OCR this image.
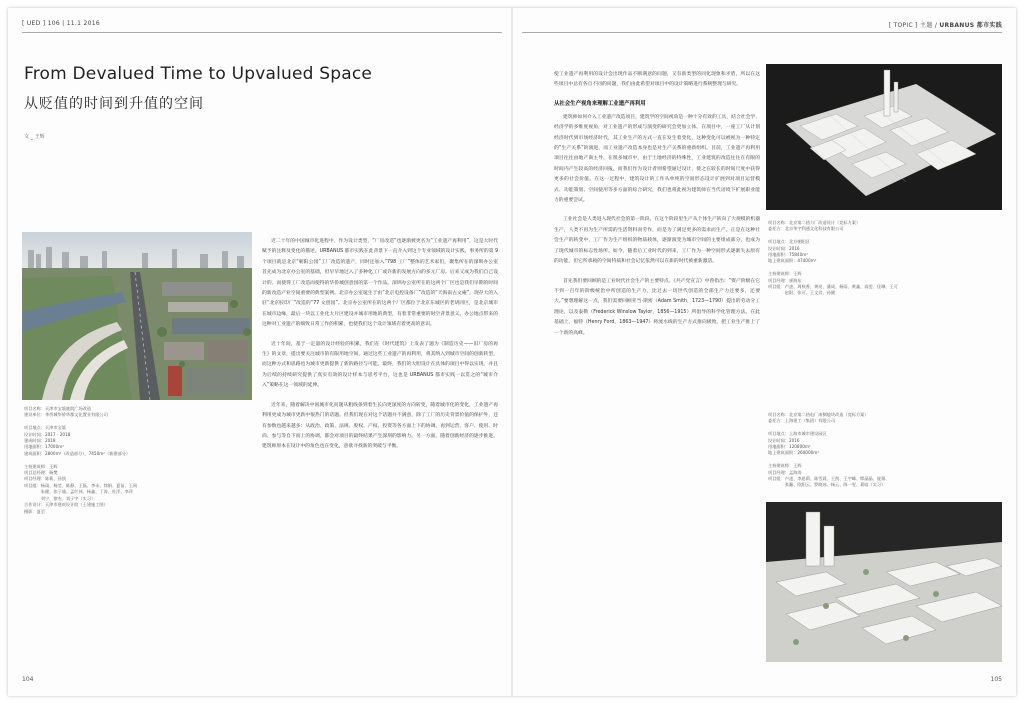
[ UED ] 106 | 11.1 2016	[ TOPIC ] 主题 / URBANUS 都市实践
From Devalued Time to Upvalued Space
从贬值的时间到升值的空间
文 _ 王辉
项目名称：天津市宝坻庭院广场改造
建设单位：华侨城华侨华都文化置业有限公司

项目地点：天津市宝坻
设计时间：2017 - 2018
建成时间：2018
用地面积：17000m²
建筑面积：2800m²（改造部分），7450m²（新建部分）

主持建筑师：王辉
项目总经理：杨樊
项目经理：陈莉，孙凯
项目组：杨雨、杨莹、陈静、王磊、李永、徐娟、夏苗、王同
　　　　朱健、张子瑜、孟红伟、杨鑫、丁涛、杜洋、李萍
　　　　刘宁、徐杰、刘子宇（实习）
合作设计：天津市建筑设计院（土建施工图）
摄影：夏至

近二十年的中国城市化进程中，作为设计类型，“厂房改造”也逐渐被更名为“工业遗产再利用”，这是大时代赋予的注释及变化的描述。URBANUS 都市实践在此背景下一直介入到这个专业领域的设计实践，事务所的第 9 个项目就是北京“朝阳公园”工厂改造的遗产，同时还加入“798 工厂”整体的艺术家们，聚集所在的深圳办公室首先成为北京办公室的基础，但早早地过入了多种化工厂或许新的发展方向的多元厂房。后来又成为我们自己设计的、而使得工厂改造而使得的华侨城创意园的第一个作品。深圳办公室所在的这两个厂区也是我们早期的时间的新改造产业空间重要的典型案例。北京办公室诞生于由“北京电控设备厂”改造的“天海南古文庵”，现存大的入驻“北京胶印厂”改造的“77 文创园”。北京办公室所在的这两个厂区都位于北京东城区的老胡同区，是北京城市在城市边缘，最后一块以工业化大片区建设并城市用地的典型，有着非常重要的时空背景意义。办公地点带来的这种对工业遗产的细致日常工作的积累，也使我们这个设计领域有着更高的意识。

近十年间，基于一定量的设计经验的积累，我们在《时代建筑》上发表了题为《制造历史——旧厂房的再生》的文章，提出要关注城市的有限用地空间，通过这些工业遗产的再利用，将其纳入到城市空间的创新转型，而这种方式和思路也为城市更新提供了新的路径与可能。最终，我们的大胆设计在具体的项目中得以实现，并且为后续的持续研究提供了真实有效的设计样本与思考平台，这也是 URBANUS 都市实践一以贯之的“城市介入”策略在这一领域的延伸。

近年来，随着解决中国城市化问题从粗线条到着生长向更深度的方向转变，随着城市化的变化，工业遗产再利用更成为城市更新中很热门的话题。但我们现在对这个话题并不满意，除了工厂的历史背景价值的保护外，还有参数也越来越多：从政治、政策、法规、股权、产权、投资等各方面上下的协调，再到运营、客户、使用、时尚、参与等自下而上的协调，都会对项目的最终结果产生深刻的影响力。另一方面，随着创新经济的逐步推进，建筑师原本在设计中的角色也在变化，意欲寻找新的突破与平衡。

使工业遗产再利用的设计会出现作品不断满意的问题，又有新类型的同化现象和矛盾，所以在这些项目中总有各自不同的问题，我们由此希望对项目中的设计策略进行系统整理与研究。

从社会生产视角来理解工业遗产再利用

建筑师如何介入工业遗产改造项目，建筑学的空间视角是一种十分有效的工具，结合社会学、经济学的多维度视角，对工业遗产的形成与演变的研究会更加立体。在项目中，一座工厂从计划经济时代到市场经济时代，其工业生产的方式一直在发生着变化，这种变化可以被视为一种特定的“生产关系”的演进，而工业遗产改造本身也是对生产关系的重新组织。目前，工业遗产再利用项目往往由地产商主导，在很多城市中，由于土地经济的特殊性，工业建筑的改造往往在有限的时间内产生较高的经济回报，而我们作为设计者则希望通过设计，使之在较长的时间尺度中获得更多的社会价值。在这一过程中，建筑设计的工作从单纯的空间形态设计扩展到对项目运营模式、功能策划、空间使用等多方面的综合研究，我们也将此视为建筑师在当代语境下扩展职业能力的重要尝试。

工业社会是人类进入现代社会的第一阶段。在这个阶段里生产从个体生产转向了大规模的机器生产，人类不再为生产所需的生活资料而劳作，而是为了满足更多的需求而生产。正是在这种社会生产的转变中，工厂作为生产组织的物质载体，逐渐演变为城市空间的主要组成部分，也成为了现代城市的标志性场所。如今，随着后工业时代的到来，工厂作为一种空间形式逐渐失去原有的功能，但它所承载的空间特质和社会记忆依然可以在新的时代被重新激活。

首先我们要回顾的是工业时代社会生产的主要特点。《共产党宣言》中曾指出：“资产阶级在它不到一百年的阶级统治中所创造的生产力，比过去一切世代创造的全部生产力还要多，还要大。”要想理解这一点，我们需要回顾亚当·斯密（Adam Smith，1723—1790）提出的劳动分工理论，以及泰勒（Frederick Winslow Taylor，1856—1915）所倡导的科学化管理方法。在此基础上，福特（Henry Ford，1863—1947）将流水线的生产方式推向极致，把工业生产推上了一个新的高峰。

项目名称：北京第二热力厂改造设计（竞标方案）
委托方：北京华宇利通文化科技有限公司

项目地点：北京朝阳区
设计时间：2016
用地面积：75840m²
地上建筑面积：47400m²

主持建筑师：王辉
项目经理：崔海东
项目组：卢凌、周秋香、黄亮、潘成、杨雨、黄鑫、高雯、佳琳、王可
　　　　赵阳、张可、王文君、孙健
项目名称：北京第二热电厂南侧地块改造（竞标方案）
委托方：上海建工（集团）有限公司

项目地点：上海市城市建设园区
设计时间：2016
用地面积：120800m²
地上建筑面积：260000m²

主持建筑师：王辉
项目经理：孟海涛
项目组：卢凌、李思莉、陈雪晨、王凯、王宇峰、缪晶晶、庞翔、
　　　　张瀚、欧阳云、罗晓冰、杨云、陈一雯、葛晗（实习）
104	105
